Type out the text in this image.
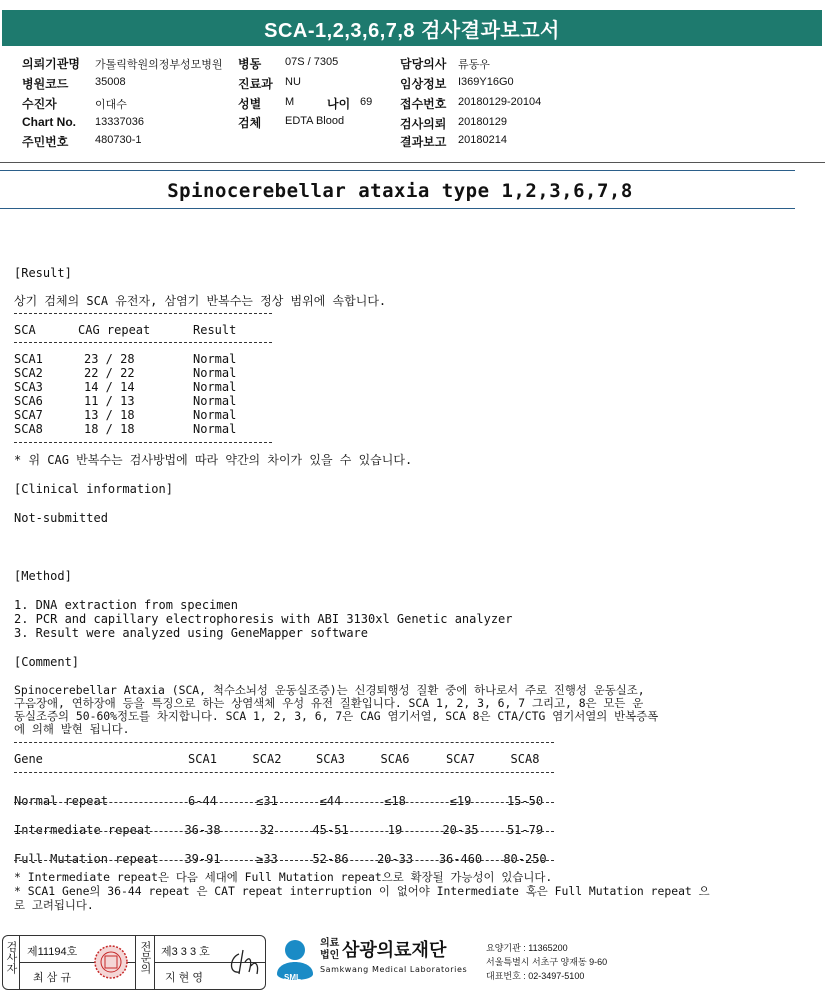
SCA-1,2,3,6,7,8 검사결과보고서
의뢰기관명 가톨릭학원의정부성모병원
병원코드 35008
수진자	이대수
Chart No. 13337036
주민번호 480730-1
병동 07S / 7305
진료과 NU
성별 M	나이 69
검체 EDTA Blood
담당의사 류동우
임상정보 I369Y16G0
접수번호 20180129-20104
검사의뢰 20180129
결과보고 20180214
Spinocerebellar ataxia type 1,2,3,6,7,8
[Result]
상기 검체의 SCA 유전자, 삼염기 반복수는 정상 범위에 속합니다.
SCA	CAG repeat	Result
SCA1	23 / 28	Normal
SCA2	22 / 22	Normal
SCA3	14 / 14	Normal
SCA6	11 / 13	Normal
SCA7	13 / 18	Normal
SCA8	18 / 18	Normal
* 위 CAG 반복수는 검사방법에 따라 약간의 차이가 있을 수 있습니다.
[Clinical information]
Not-submitted
[Method]
1. DNA extraction from specimen
2. PCR and capillary electrophoresis with ABI 3130xl Genetic analyzer
3. Result were analyzed using GeneMapper software
[Comment]
Spinocerebellar Ataxia (SCA, 척수소뇌성 운동실조증)는 신경퇴행성 질환 중에 하나로서 주로 진행성 운동실조,
구음장애, 연하장애 등을 특징으로 하는 상염색체 우성 유전 질환입니다. SCA 1, 2, 3, 6, 7 그리고, 8은 모든 운
동실조증의 50-60%정도를 차지합니다. SCA 1, 2, 3, 6, 7은 CAG 염기서열, SCA 8은 CTA/CTG 염기서열의 반복증폭
에 의해 발현 됩니다.
Gene	SCA1	SCA2	SCA3	SCA6	SCA7	SCA8
Normal repeat	6-44	≤31	≤44	≤18	≤19	15-50
Intermediate repeat	36-38	32	45-51	19	20-35	51-79
Full Mutation repeat	39-91	≥33	52-86	20-33	36-460	80-250
* Intermediate repeat은 다음 세대에 Full Mutation repeat으로 확장될 가능성이 있습니다.
* SCA1 Gene의 36-44 repeat 은 CAT repeat interruption 이 없어야 Intermediate 혹은 Full Mutation repeat 으
로 고려됩니다.
검사자 제11194호
최 삼 규
전문의 제3 3 3 호
지 현 영	SML
의료
법인 삼광의료재단
Samkwang Medical Laboratories
요양기관 : 11365200
서울특별시 서초구 양재동 9-60
대표번호 : 02-3497-5100
